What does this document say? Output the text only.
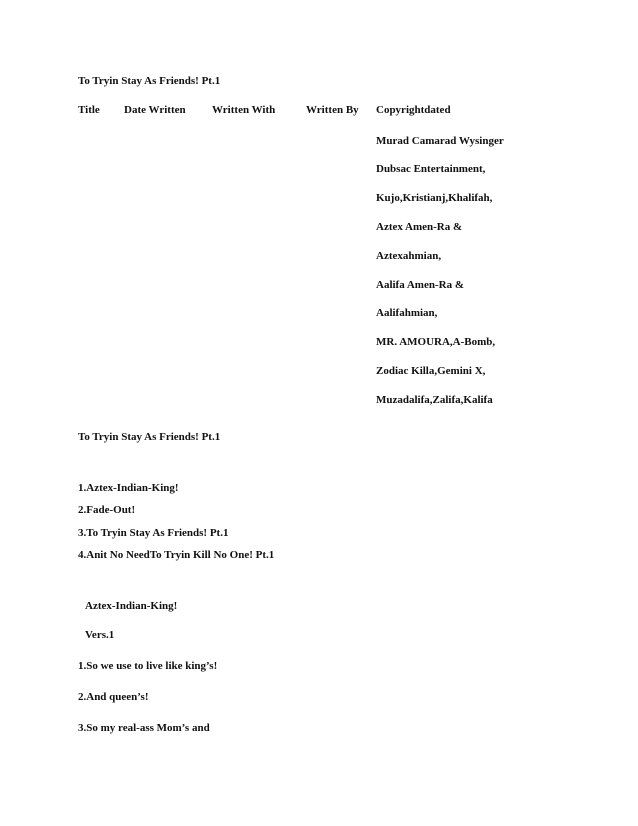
To Tryin Stay As Friends! Pt.1
Title Date Written Written With	Written By Copyrightdated
Murad Camarad Wysinger
Dubsac Entertainment,
Kujo,Kristianj,Khalifah,
Aztex Amen-Ra &
Aztexahmian,
Aalifa Amen-Ra &
Aalifahmian,
MR. AMOURA,A-Bomb,
Zodiac Killa,Gemini X,
Muzadalifa,Zalifa,Kalifa
To Tryin Stay As Friends! Pt.1
1.Aztex-Indian-King!
2.Fade-Out!
3.To Tryin Stay As Friends! Pt.1
4.Anit No NeedTo Tryin Kill No One! Pt.1
Aztex-Indian-King!
Vers.1
1.So we use to live like king’s!
2.And queen’s!
3.So my real-ass Mom’s and
